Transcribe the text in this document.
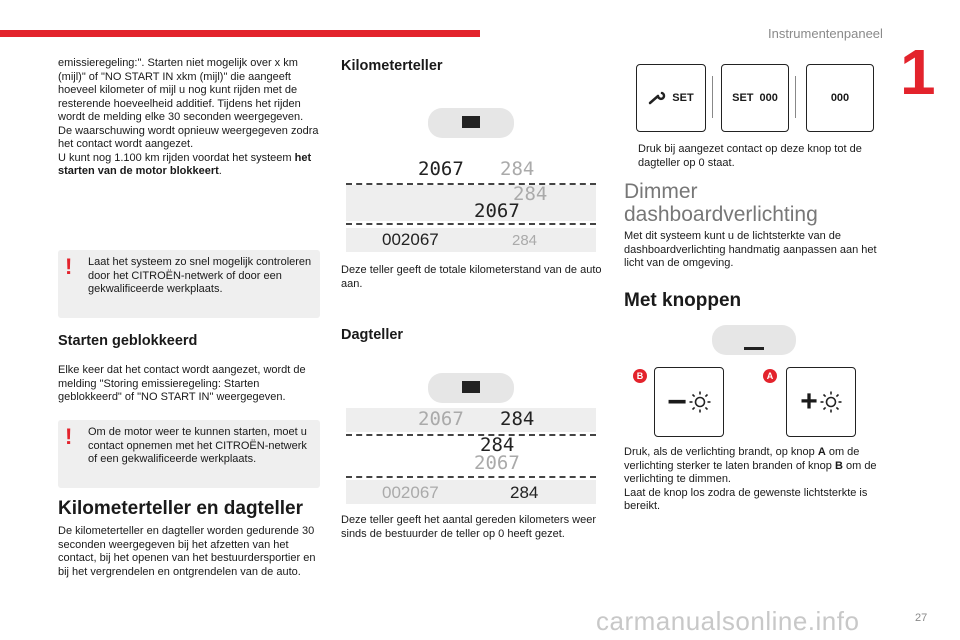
Instrumentenpaneel
1
27
carmanualsonline.info
emissieregeling:". Starten niet mogelijk over x km (mijl)" of "NO START IN xkm (mijl)" die aangeeft hoeveel kilometer of mijl u nog kunt rijden met de resterende hoeveelheid additief. Tijdens het rijden wordt de melding elke 30 seconden weergegeven. De waarschuwing wordt opnieuw weergegeven zodra het contact wordt aangezet.
U kunt nog 1.100 km rijden voordat het systeem het starten van de motor blokkeert.
! Laat het systeem zo snel mogelijk controleren door het CITROËN-netwerk of door een gekwalificeerde werkplaats.
Starten geblokkeerd
Elke keer dat het contact wordt aangezet, wordt de melding "Storing emissieregeling: Starten geblokkeerd" of "NO START IN" weergegeven.
! Om de motor weer te kunnen starten, moet u contact opnemen met het CITROËN-netwerk of een gekwalificeerde werkplaats.
Kilometerteller en dagteller
De kilometerteller en dagteller worden gedurende 30 seconden weergegeven bij het afzetten van het contact, bij het openen van het bestuurdersportier en bij het vergrendelen en ontgrendelen van de auto.
Kilometerteller
2067 284
284
2067
002067	284
Deze teller geeft de totale kilometerstand van de auto aan.
Dagteller
2067 284
284
2067
002067	284
Deze teller geeft het aantal gereden kilometers weer sinds de bestuurder de teller op 0 heeft gezet.
SET	SET 000	000
Druk bij aangezet contact op deze knop tot de dagteller op 0 staat.
Dimmer dashboardverlichting
Met dit systeem kunt u de lichtsterkte van de dashboardverlichting handmatig aanpassen aan het licht van de omgeving.
Met knoppen
B
−
A
+
Druk, als de verlichting brandt, op knop A om de verlichting sterker te laten branden of knop B om de verlichting te dimmen.
Laat de knop los zodra de gewenste lichtsterkte is bereikt.
